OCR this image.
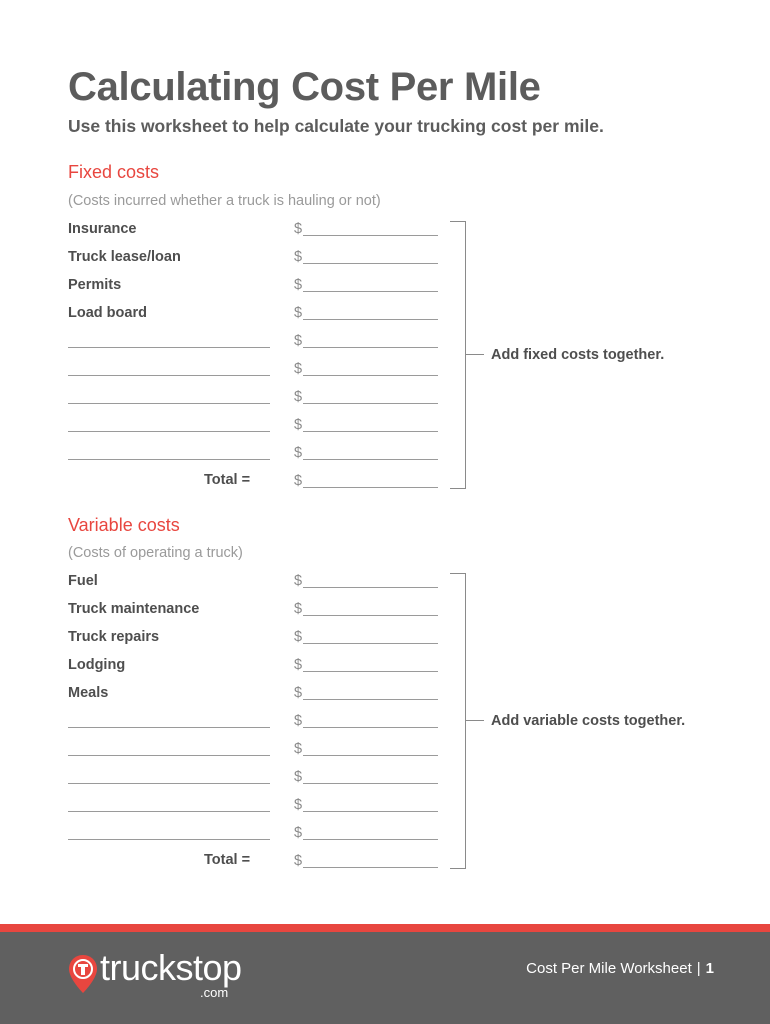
Calculating Cost Per Mile
Use this worksheet to help calculate your trucking cost per mile.
Fixed costs
(Costs incurred whether a truck is hauling or not)
Insurance
Truck lease/loan
Permits
Load board
Total =
$
$
$
$
$
$
$
$
$
$
Add fixed costs together.
Variable costs
(Costs of operating a truck)
Fuel
Truck maintenance
Truck repairs
Lodging
Meals
Total =
$
$
$
$
$
$
$
$
$
$
$
Add variable costs together.
truckstop
.com
Cost Per Mile Worksheet | 1
